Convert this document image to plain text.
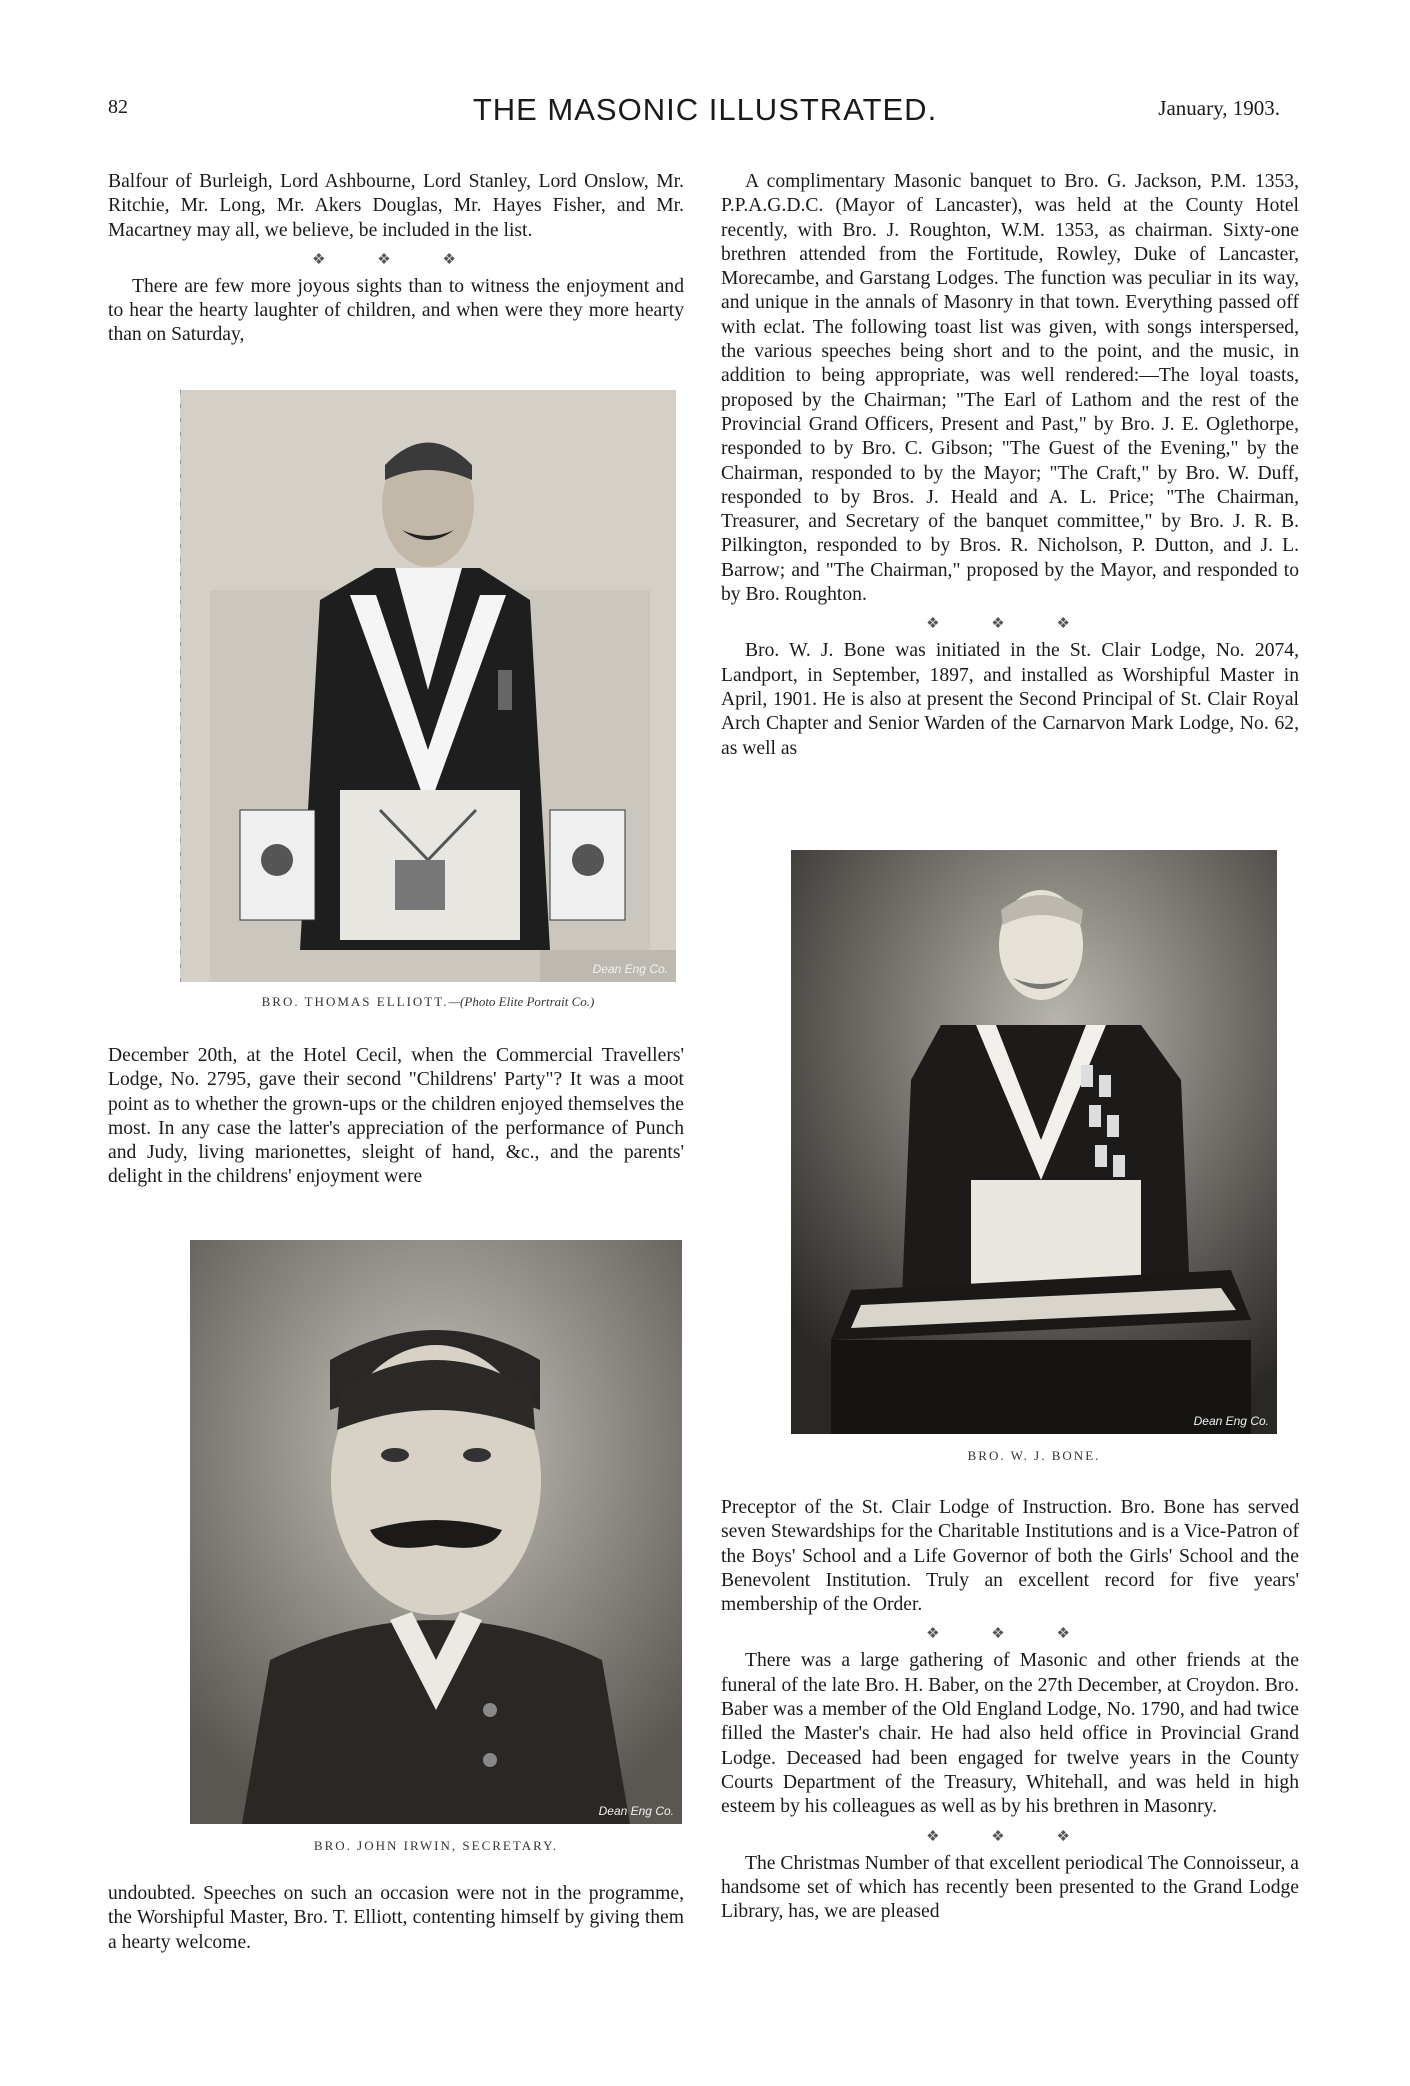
82	THE MASONIC ILLUSTRATED.	January, 1903.

Balfour of Burleigh, Lord Ashbourne, Lord Stanley, Lord Onslow, Mr. Ritchie, Mr. Long, Mr. Akers Douglas, Mr. Hayes Fisher, and Mr. Macartney may all, we believe, be included in the list.

❖ ❖ ❖

There are few more joyous sights than to witness the enjoyment and to hear the hearty laughter of children, and when were they more hearty than on Saturday,

Dean Eng Co.
BRO. THOMAS ELLIOTT.—(Photo Elite Portrait Co.)

December 20th, at the Hotel Cecil, when the Commercial Travellers' Lodge, No. 2795, gave their second "Childrens' Party"? It was a moot point as to whether the grown-ups or the children enjoyed themselves the most. In any case the latter's appreciation of the performance of Punch and Judy, living marionettes, sleight of hand, &c., and the parents' delight in the childrens' enjoyment were

Dean Eng Co.
BRO. JOHN IRWIN, SECRETARY.

undoubted. Speeches on such an occasion were not in the programme, the Worshipful Master, Bro. T. Elliott, contenting himself by giving them a hearty welcome.

A complimentary Masonic banquet to Bro. G. Jackson, P.M. 1353, P.P.A.G.D.C. (Mayor of Lancaster), was held at the County Hotel recently, with Bro. J. Roughton, W.M. 1353, as chairman. Sixty-one brethren attended from the Fortitude, Rowley, Duke of Lancaster, Morecambe, and Garstang Lodges. The function was peculiar in its way, and unique in the annals of Masonry in that town. Everything passed off with eclat. The following toast list was given, with songs interspersed, the various speeches being short and to the point, and the music, in addition to being appropriate, was well rendered:—The loyal toasts, proposed by the Chairman; "The Earl of Lathom and the rest of the Provincial Grand Officers, Present and Past," by Bro. J. E. Oglethorpe, responded to by Bro. C. Gibson; "The Guest of the Evening," by the Chairman, responded to by the Mayor; "The Craft," by Bro. W. Duff, responded to by Bros. J. Heald and A. L. Price; "The Chairman, Treasurer, and Secretary of the banquet committee," by Bro. J. R. B. Pilkington, responded to by Bros. R. Nicholson, P. Dutton, and J. L. Barrow; and "The Chairman," proposed by the Mayor, and responded to by Bro. Roughton.

❖ ❖ ❖

Bro. W. J. Bone was initiated in the St. Clair Lodge, No. 2074, Landport, in September, 1897, and installed as Worshipful Master in April, 1901. He is also at present the Second Principal of St. Clair Royal Arch Chapter and Senior Warden of the Carnarvon Mark Lodge, No. 62, as well as

Dean Eng Co.
BRO. W. J. BONE.

Preceptor of the St. Clair Lodge of Instruction. Bro. Bone has served seven Stewardships for the Charitable Institutions and is a Vice-Patron of the Boys' School and a Life Governor of both the Girls' School and the Benevolent Institution. Truly an excellent record for five years' membership of the Order.

❖ ❖ ❖

There was a large gathering of Masonic and other friends at the funeral of the late Bro. H. Baber, on the 27th December, at Croydon. Bro. Baber was a member of the Old England Lodge, No. 1790, and had twice filled the Master's chair. He had also held office in Provincial Grand Lodge. Deceased had been engaged for twelve years in the County Courts Department of the Treasury, Whitehall, and was held in high esteem by his colleagues as well as by his brethren in Masonry.

❖ ❖ ❖

The Christmas Number of that excellent periodical The Connoisseur, a handsome set of which has recently been presented to the Grand Lodge Library, has, we are pleased
